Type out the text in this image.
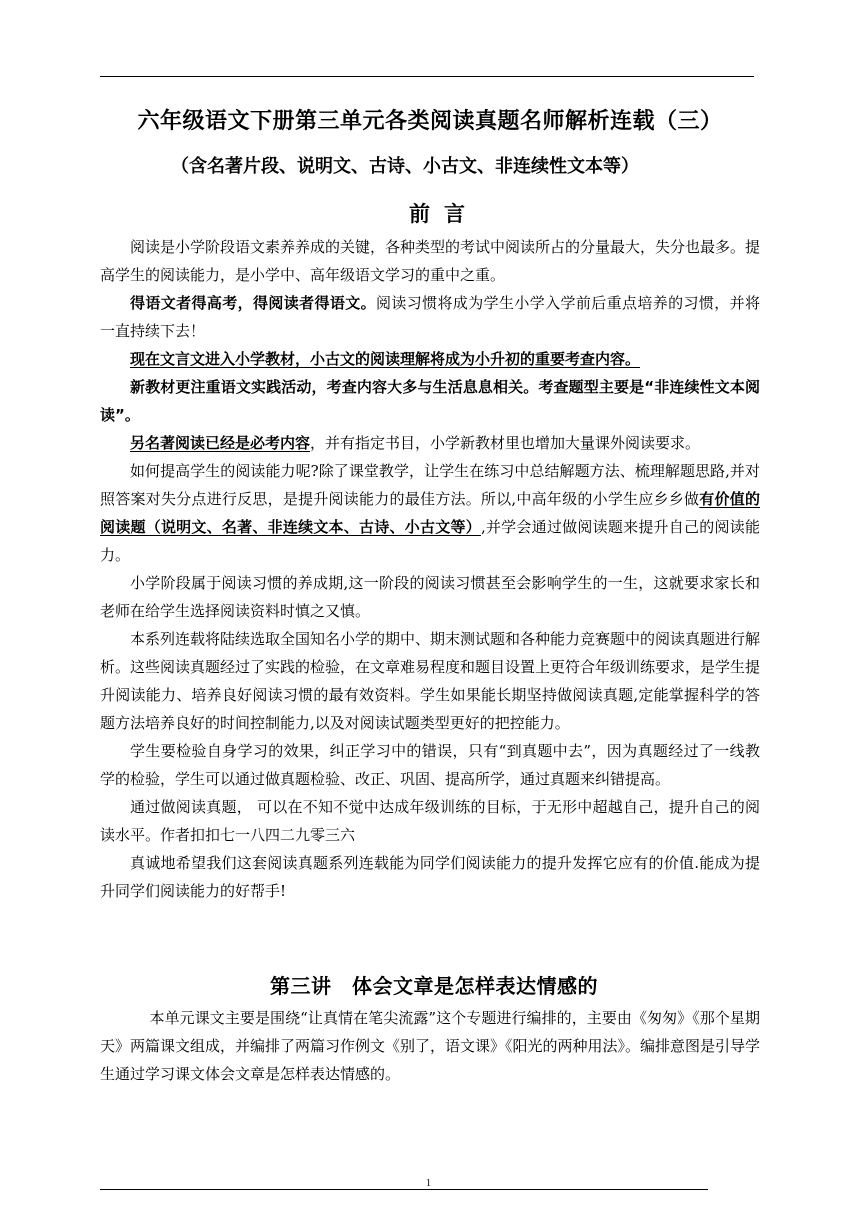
六年级语文下册第三单元各类阅读真题名师解析连载（三）
（含名著片段、说明文、古诗、小古文、非连续性文本等）
前言

阅读是小学阶段语文素养养成的关键，各种类型的考试中阅读所占的分量最大，失分也最多。提高学生的阅读能力，是小学中、高年级语文学习的重中之重。

得语文者得高考，得阅读者得语文。阅读习惯将成为学生小学入学前后重点培养的习惯，并将一直持续下去！

现在文言文进入小学教材，小古文的阅读理解将成为小升初的重要考查内容。

新教材更注重语文实践活动，考查内容大多与生活息息相关。考查题型主要是“非连续性文本阅读”。

另名著阅读已经是必考内容，并有指定书目，小学新教材里也增加大量课外阅读要求。

如何提高学生的阅读能力呢?除了课堂教学，让学生在练习中总结解题方法、梳理解题思路,并对照答案对失分点进行反思，是提升阅读能力的最佳方法。所以,中高年级的小学生应乡乡做有价值的阅读题（说明文、名著、非连续文本、古诗、小古文等）,并学会通过做阅读题来提升自己的阅读能力。

小学阶段属于阅读习惯的养成期,这一阶段的阅读习惯甚至会影响学生的一生，这就要求家长和老师在给学生选择阅读资料时慎之又慎。

本系列连载将陆续选取全国知名小学的期中、期末测试题和各种能力竞赛题中的阅读真题进行解析。这些阅读真题经过了实践的检验，在文章难易程度和题目设置上更符合年级训练要求，是学生提升阅读能力、培养良好阅读习惯的最有效资料。学生如果能长期坚持做阅读真题,定能掌握科学的答题方法培养良好的时间控制能力,以及对阅读试题类型更好的把控能力。

学生要检验自身学习的效果，纠正学习中的错误，只有“到真题中去”，因为真题经过了一线教学的检验，学生可以通过做真题检验、改正、巩固、提高所学，通过真题来纠错提高。

通过做阅读真题， 可以在不知不觉中达成年级训练的目标，于无形中超越自己，提升自己的阅读水平。作者扣扣七一八四二九零三六

真诚地希望我们这套阅读真题系列连载能为同学们阅读能力的提升发挥它应有的价值.能成为提升同学们阅读能力的好帮手!

第三讲　体会文章是怎样表达情感的

本单元课文主要是围绕“让真情在笔尖流露”这个专题进行编排的，主要由《匆匆》《那个星期天》两篇课文组成，并编排了两篇习作例文《别了，语文课》《阳光的两种用法》。编排意图是引导学生通过学习课文体会文章是怎样表达情感的。

1
